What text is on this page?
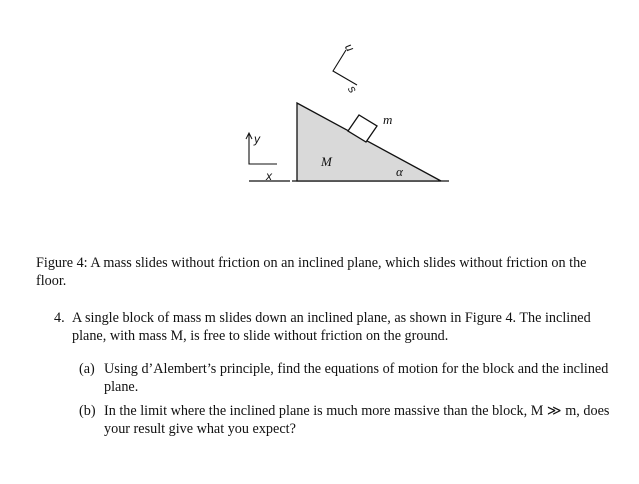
u
s
m
M
α
y
x
Figure 4: A mass slides without friction on an inclined plane, which slides without friction on the floor.
4. A single block of mass m slides down an inclined plane, as shown in Figure 4. The inclined plane, with mass M, is free to slide without friction on the ground.
(a) Using d’Alembert’s principle, find the equations of motion for the block and the inclined plane.
(b) In the limit where the inclined plane is much more massive than the block, M ≫ m, does your result give what you expect?
